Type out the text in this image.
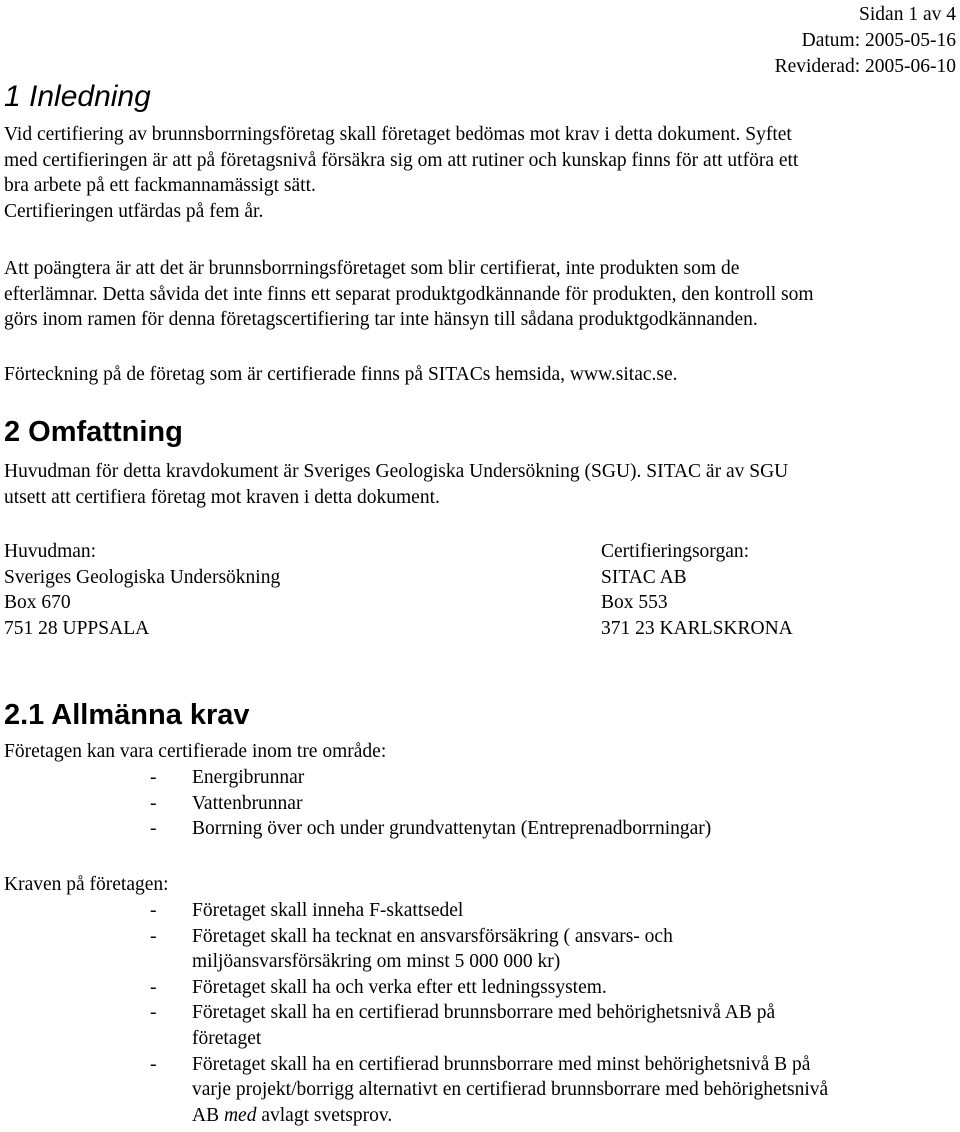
Sidan 1 av 4
Datum: 2005-05-16
Reviderad: 2005-06-10
1 Inledning
Vid certifiering av brunnsborrningsföretag skall företaget bedömas mot krav i detta dokument. Syftet
med certifieringen är att på företagsnivå försäkra sig om att rutiner och kunskap finns för att utföra ett
bra arbete på ett fackmannamässigt sätt.
Certifieringen utfärdas på fem år.
Att poängtera är att det är brunnsborrningsföretaget som blir certifierat, inte produkten som de
efterlämnar. Detta såvida det inte finns ett separat produktgodkännande för produkten, den kontroll som
görs inom ramen för denna företagscertifiering tar inte hänsyn till sådana produktgodkännanden.
Förteckning på de företag som är certifierade finns på SITACs hemsida, www.sitac.se.
2 Omfattning
Huvudman för detta kravdokument är Sveriges Geologiska Undersökning (SGU). SITAC är av SGU
utsett att certifiera företag mot kraven i detta dokument.
Huvudman:
Sveriges Geologiska Undersökning
Box 670
751 28 UPPSALA
Certifieringsorgan:
SITAC AB
Box 553
371 23 KARLSKRONA
2.1 Allmänna krav
Företagen kan vara certifierade inom tre område:
- Energibrunnar
- Vattenbrunnar
- Borrning över och under grundvattenytan (Entreprenadborrningar)
Kraven på företagen:
- Företaget skall inneha F-skattsedel
- Företaget skall ha tecknat en ansvarsförsäkring ( ansvars- och
miljöansvarsförsäkring om minst 5 000 000 kr)
- Företaget skall ha och verka efter ett ledningssystem.
- Företaget skall ha en certifierad brunnsborrare med behörighetsnivå AB på
företaget
- Företaget skall ha en certifierad brunnsborrare med minst behörighetsnivå B på
varje projekt/borrigg alternativt en certifierad brunnsborrare med behörighetsnivå
AB med avlagt svetsprov.
